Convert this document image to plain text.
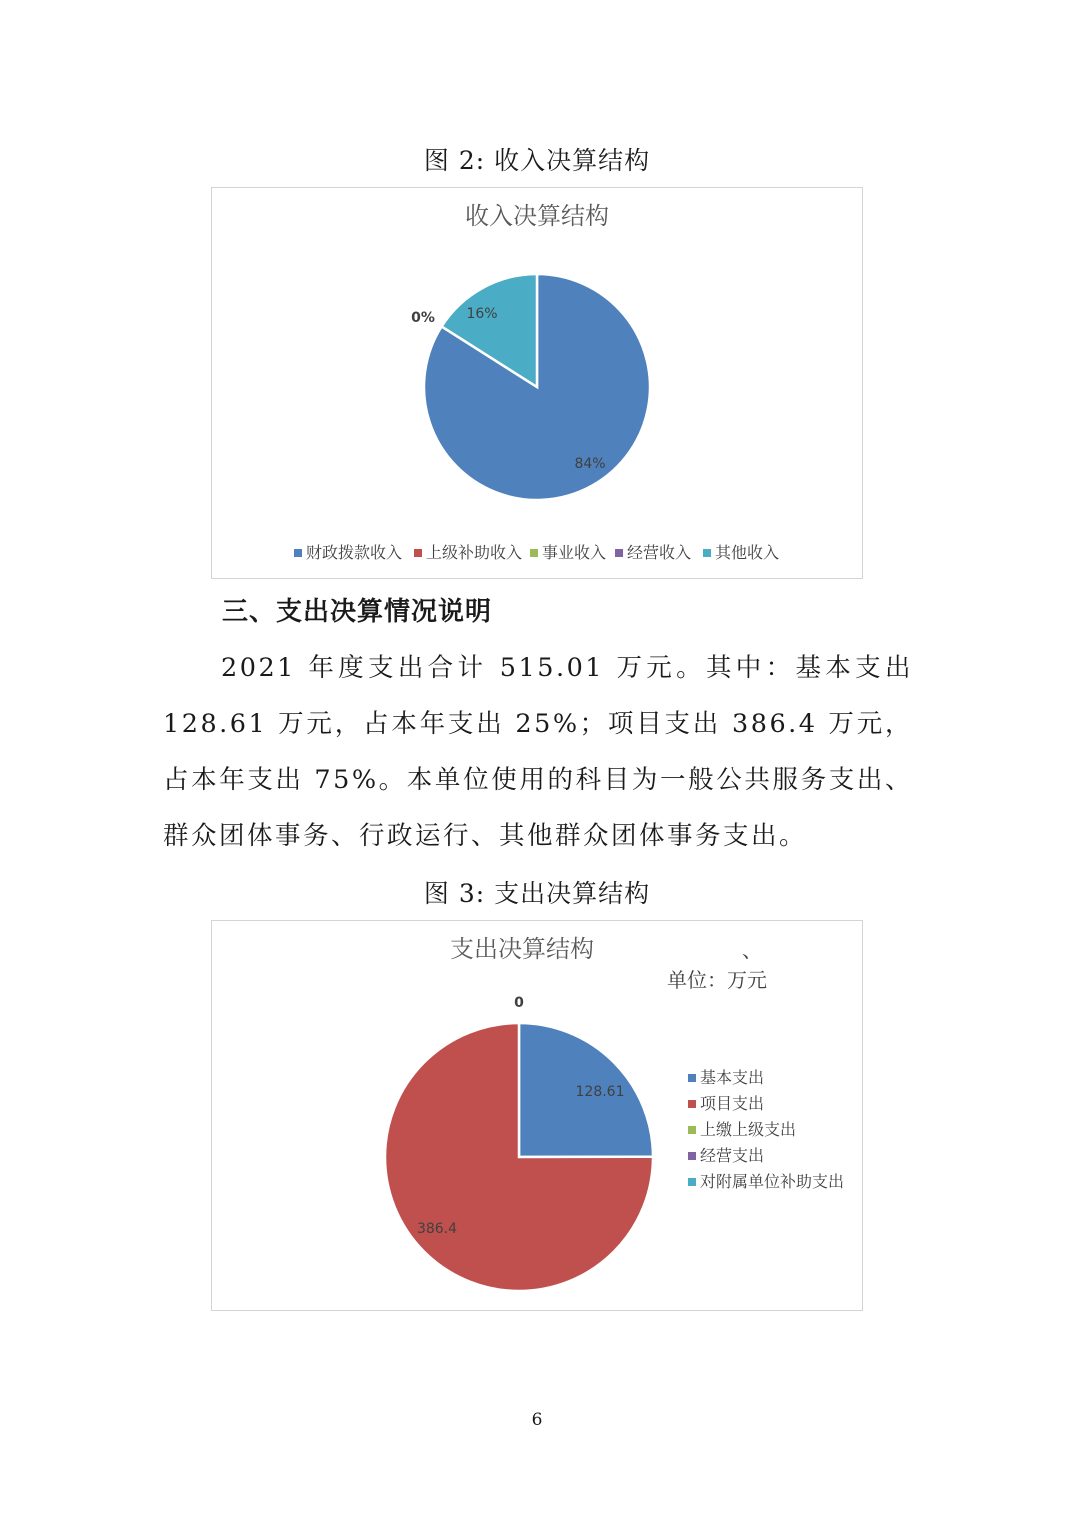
图 2: 收入决算结构
收入决算结构
0% 16%
84%
财政拨款收入 上级补助收入 事业收入 经营收入 其他收入
三、支出决算情况说明
2021 年度支出合计 515.01 万元。其中：基本支出 128.61 万元，占本年支出 25%；项目支出 386.4 万元，占本年支出 75%。本单位使用的科目为一般公共服务支出、群众团体事务、行政运行、其他群众团体事务支出。
图 3: 支出决算结构
支出决算结构	、
单位：万元
0
128.61
386.4
基本支出
项目支出
上缴上级支出
经营支出
对附属单位补助支出
6
